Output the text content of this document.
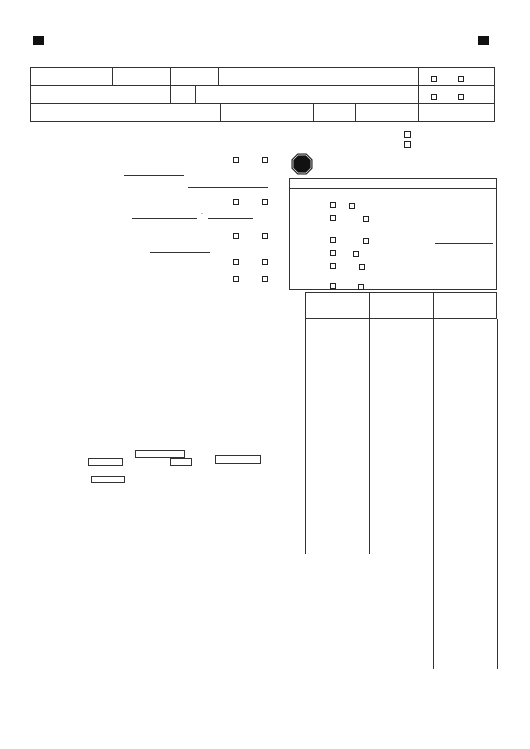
-
